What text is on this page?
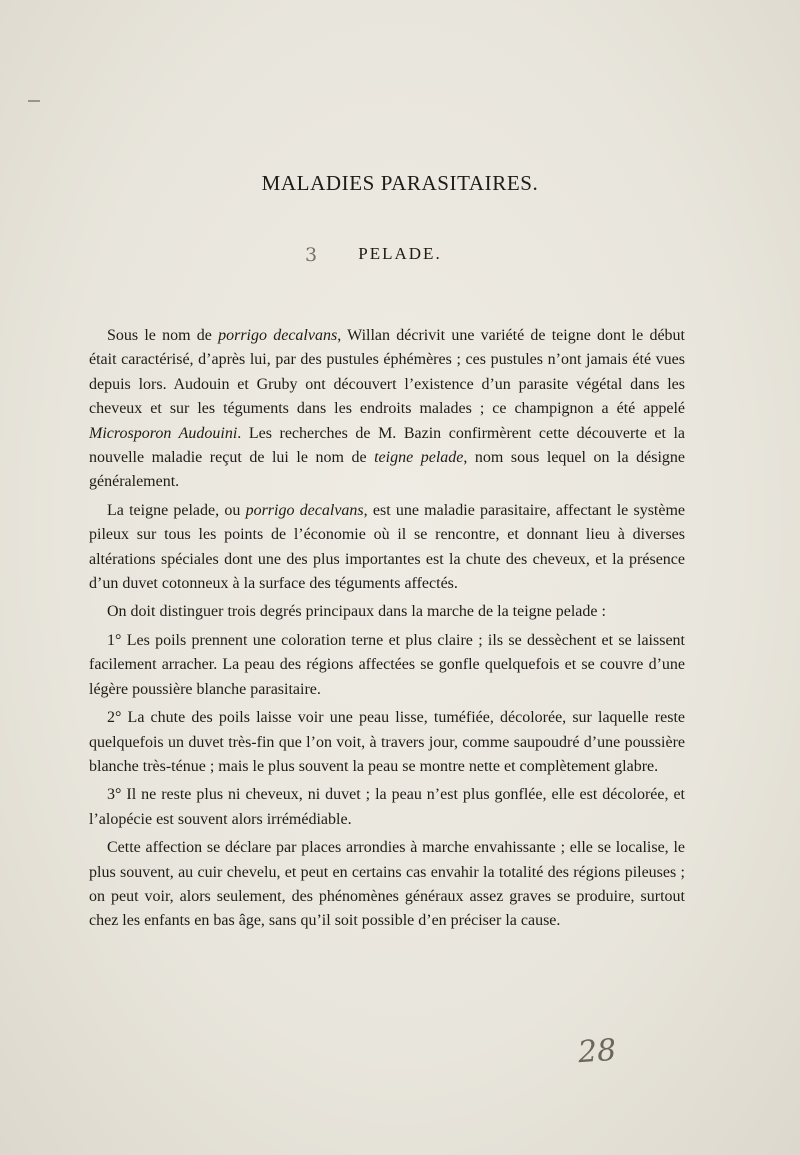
MALADIES PARASITAIRES.
3	PELADE.

Sous le nom de porrigo decalvans, Willan décrivit une variété de teigne dont le début était caractérisé, d’après lui, par des pustules éphémères ; ces pustules n’ont jamais été vues depuis lors. Audouin et Gruby ont découvert l’existence d’un parasite végétal dans les cheveux et sur les téguments dans les endroits malades ; ce champignon a été appelé Microsporon Audouini. Les recherches de M. Bazin confirmèrent cette découverte et la nouvelle maladie reçut de lui le nom de teigne pelade, nom sous lequel on la désigne généralement.

La teigne pelade, ou porrigo decalvans, est une maladie parasitaire, affectant le système pileux sur tous les points de l’économie où il se rencontre, et donnant lieu à diverses altérations spéciales dont une des plus importantes est la chute des cheveux, et la présence d’un duvet cotonneux à la surface des téguments affectés.

On doit distinguer trois degrés principaux dans la marche de la teigne pelade :

1° Les poils prennent une coloration terne et plus claire ; ils se dessèchent et se laissent facilement arracher. La peau des régions affectées se gonfle quelquefois et se couvre d’une légère poussière blanche parasitaire.

2° La chute des poils laisse voir une peau lisse, tuméfiée, décolorée, sur laquelle reste quelquefois un duvet très-fin que l’on voit, à travers jour, comme saupoudré d’une poussière blanche très-ténue ; mais le plus souvent la peau se montre nette et complètement glabre.

3° Il ne reste plus ni cheveux, ni duvet ; la peau n’est plus gonflée, elle est décolorée, et l’alopécie est souvent alors irrémédiable.

Cette affection se déclare par places arrondies à marche envahissante ; elle se localise, le plus souvent, au cuir chevelu, et peut en certains cas envahir la totalité des régions pileuses ; on peut voir, alors seulement, des phénomènes généraux assez graves se produire, surtout chez les enfants en bas âge, sans qu’il soit possible d’en préciser la cause.

28
